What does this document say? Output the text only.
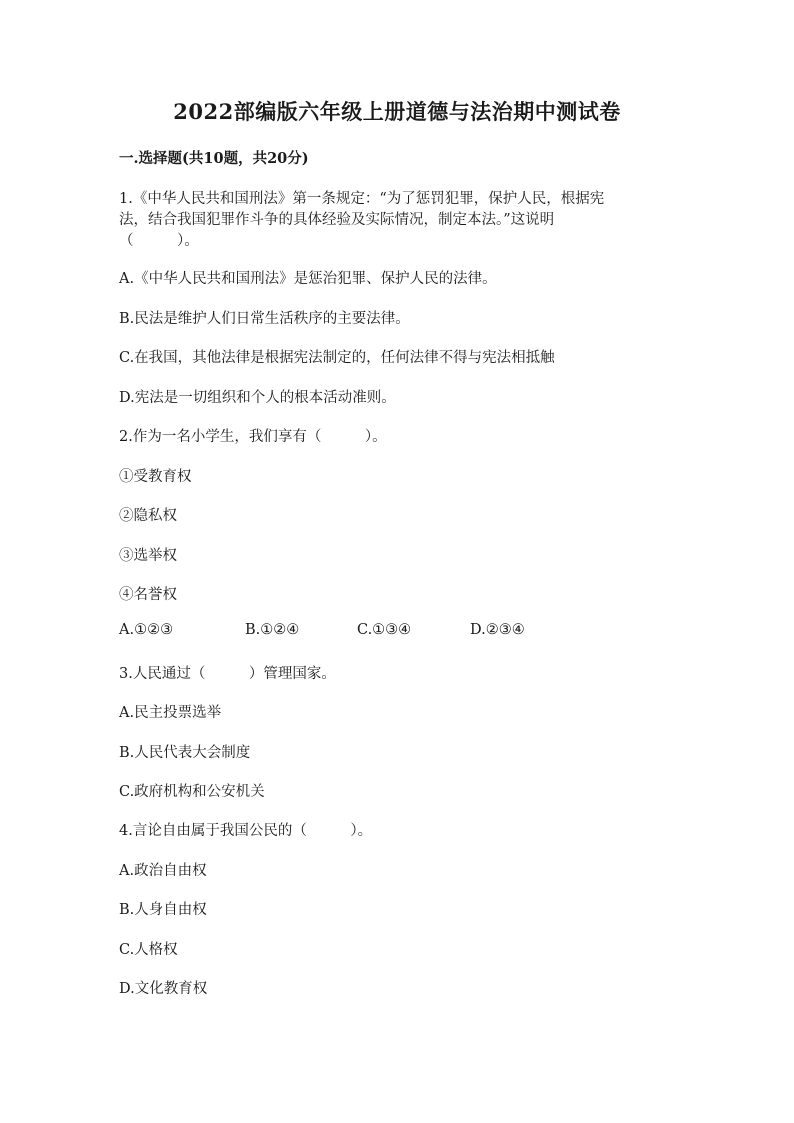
2022部编版六年级上册道德与法治期中测试卷
一.选择题(共10题，共20分)
1.《中华人民共和国刑法》第一条规定：“为了惩罚犯罪，保护人民，根据宪
法，结合我国犯罪作斗争的具体经验及实际情况，制定本法。”这说明
（　　　）。
A.《中华人民共和国刑法》是惩治犯罪、保护人民的法律。
B.民法是维护人们日常生活秩序的主要法律。
C.在我国，其他法律是根据宪法制定的，任何法律不得与宪法相抵触
D.宪法是一切组织和个人的根本活动准则。
2.作为一名小学生，我们享有（　　　）。
①受教育权
②隐私权
③选举权
④名誉权
A.①②③	B.①②④	C.①③④	D.②③④
3.人民通过（　　　）管理国家。
A.民主投票选举
B.人民代表大会制度
C.政府机构和公安机关
4.言论自由属于我国公民的（　　　）。
A.政治自由权
B.人身自由权
C.人格权
D.文化教育权
